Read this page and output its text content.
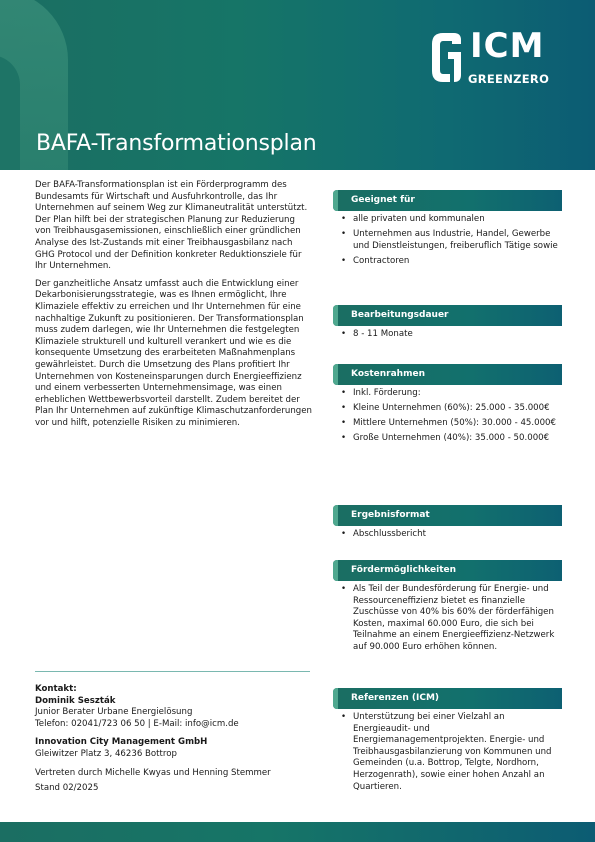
ICM
GREENZERO
BAFA-Transformationsplan

Der BAFA-Transformationsplan ist ein Förderprogramm des Bundesamts für Wirtschaft und Ausfuhrkontrolle, das Ihr Unternehmen auf seinem Weg zur Klimaneutralität unterstützt. Der Plan hilft bei der strategischen Planung zur Reduzierung von Treibhausgasemissionen, einschließlich einer gründlichen Analyse des Ist-Zustands mit einer Treibhausgasbilanz nach GHG Protocol und der Definition konkreter Reduktionsziele für Ihr Unternehmen.

Der ganzheitliche Ansatz umfasst auch die Entwicklung einer Dekarbonisierungsstrategie, was es Ihnen ermöglicht, Ihre Klimaziele effektiv zu erreichen und Ihr Unternehmen für eine nachhaltige Zukunft zu positionieren. Der Transformationsplan muss zudem darlegen, wie Ihr Unternehmen die festgelegten Klimaziele strukturell und kulturell verankert und wie es die konsequente Umsetzung des erarbeiteten Maßnahmenplans gewährleistet. Durch die Umsetzung des Plans profitiert Ihr Unternehmen von Kosteneinsparungen durch Energieeffizienz und einem verbesserten Unternehmensimage, was einen erheblichen Wettbewerbsvorteil darstellt. Zudem bereitet der Plan Ihr Unternehmen auf zukünftige Klimaschutzanforderungen vor und hilft, potenzielle Risiken zu minimieren.

Kontakt:
Dominik Seszták
Junior Berater Urbane Energielösung
Telefon: 02041/723 06 50 | E-Mail: info@icm.de
Innovation City Management GmbH
Gleiwitzer Platz 3, 46236 Bottrop
Vertreten durch Michelle Kwyas und Henning Stemmer
Stand 02/2025
Geeignet für
• alle privaten und kommunalen
• Unternehmen aus Industrie, Handel, Gewerbe und Dienstleistungen, freiberuflich Tätige sowie
• Contractoren
Bearbeitungsdauer
• 8 - 11 Monate
Kostenrahmen
• Inkl. Förderung:
• Kleine Unternehmen (60%): 25.000 - 35.000€
• Mittlere Unternehmen (50%): 30.000 - 45.000€
• Große Unternehmen (40%): 35.000 - 50.000€
Ergebnisformat
• Abschlussbericht
Fördermöglichkeiten
• Als Teil der Bundesförderung für Energie- und Ressourceneffizienz bietet es finanzielle Zuschüsse von 40% bis 60% der förderfähigen Kosten, maximal 60.000 Euro, die sich bei Teilnahme an einem Energieeffizienz-Netzwerk auf 90.000 Euro erhöhen können.
Referenzen (ICM)
• Unterstützung bei einer Vielzahl an Energieaudit- und Energiemanagementprojekten. Energie- und Treibhausgasbilanzierung von Kommunen und Gemeinden (u.a. Bottrop, Telgte, Nordhorn, Herzogenrath), sowie einer hohen Anzahl an Quartieren.
